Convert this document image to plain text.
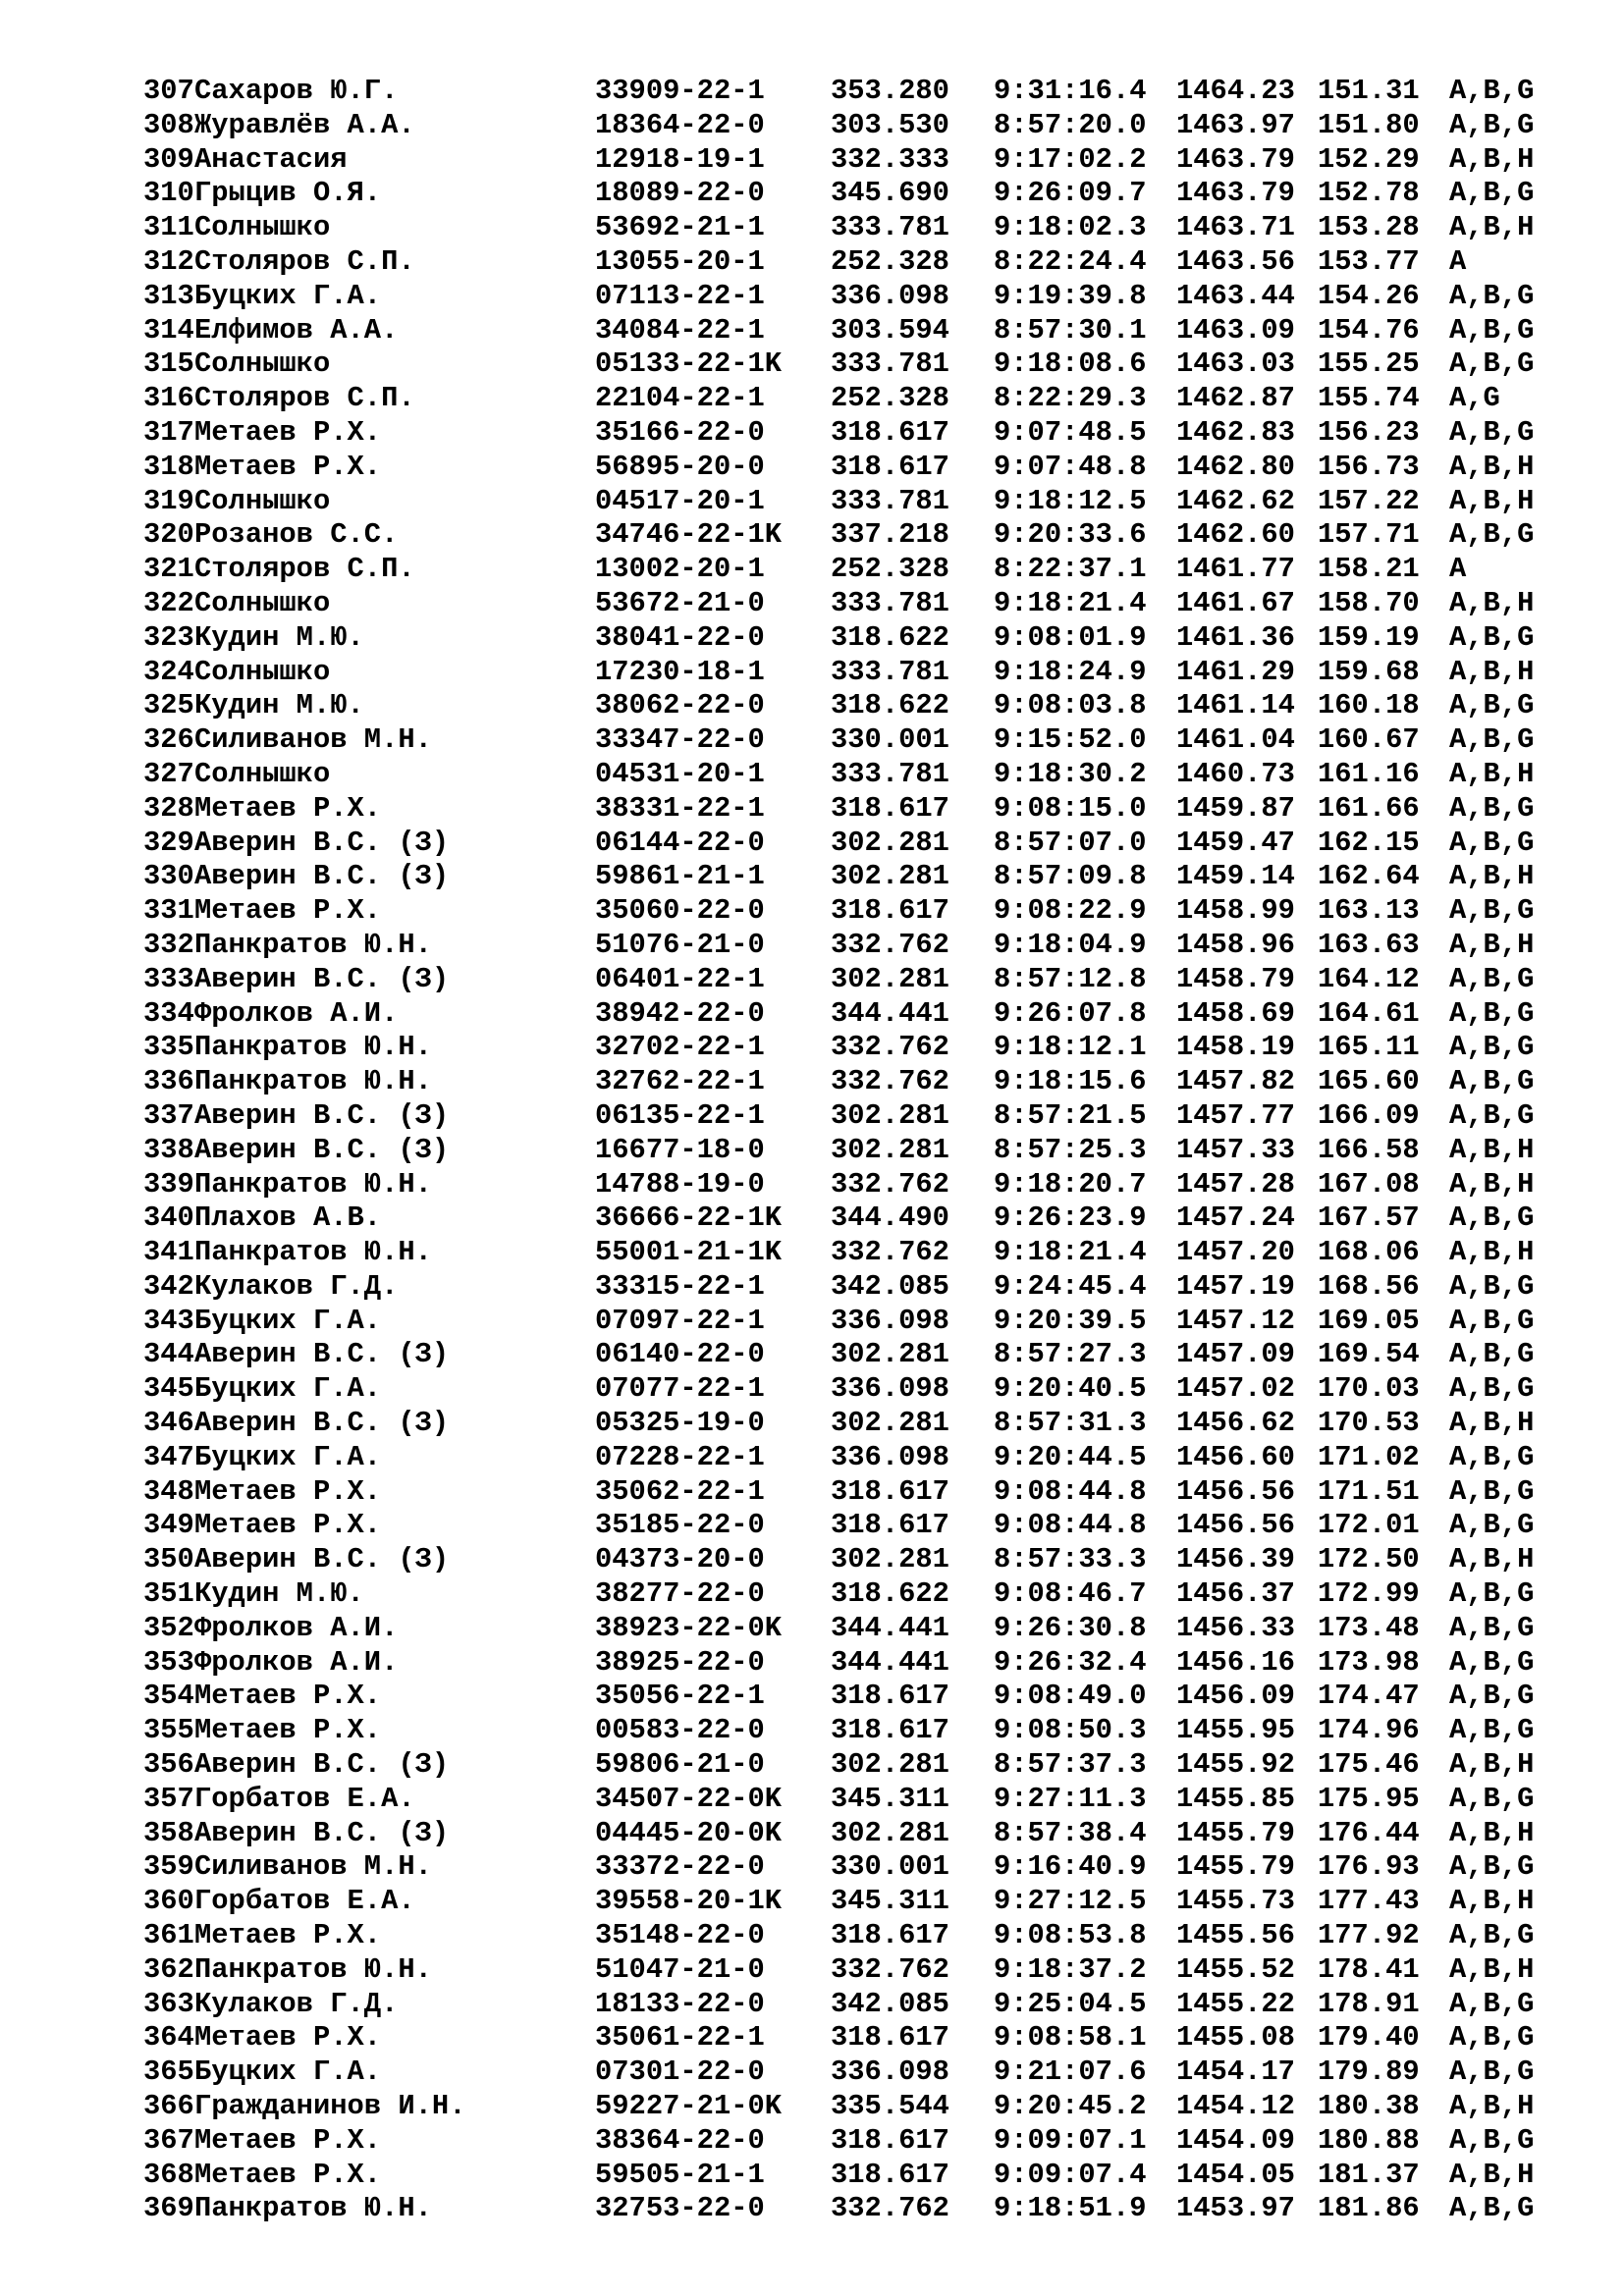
307 Сахаров Ю.Г.	33909-22-1 353.280 9:31:16.4 1464.23 151.31 A,B,G
308 Журавлёв А.А.	18364-22-0 303.530 8:57:20.0 1463.97 151.80 A,B,G
309 Анастасия	12918-19-1 332.333 9:17:02.2 1463.79 152.29 A,B,H
310 Грыцив О.Я.	18089-22-0 345.690 9:26:09.7 1463.79 152.78 A,B,G
311 Солнышко	53692-21-1 333.781 9:18:02.3 1463.71 153.28 A,B,H
312 Столяров С.П.	13055-20-1 252.328 8:22:24.4 1463.56 153.77 A
313 Буцких Г.А.	07113-22-1 336.098 9:19:39.8 1463.44 154.26 A,B,G
314 Елфимов А.А.	34084-22-1 303.594 8:57:30.1 1463.09 154.76 A,B,G
315 Солнышко	05133-22-1K 333.781 9:18:08.6 1463.03 155.25 A,B,G
316 Столяров С.П.	22104-22-1 252.328 8:22:29.3 1462.87 155.74 A,G
317 Метаев Р.Х.	35166-22-0 318.617 9:07:48.5 1462.83 156.23 A,B,G
318 Метаев Р.Х.	56895-20-0 318.617 9:07:48.8 1462.80 156.73 A,B,H
319 Солнышко	04517-20-1 333.781 9:18:12.5 1462.62 157.22 A,B,H
320 Розанов С.С.	34746-22-1K 337.218 9:20:33.6 1462.60 157.71 A,B,G
321 Столяров С.П.	13002-20-1 252.328 8:22:37.1 1461.77 158.21 A
322 Солнышко	53672-21-0 333.781 9:18:21.4 1461.67 158.70 A,B,H
323 Кудин М.Ю.	38041-22-0 318.622 9:08:01.9 1461.36 159.19 A,B,G
324 Солнышко	17230-18-1 333.781 9:18:24.9 1461.29 159.68 A,B,H
325 Кудин М.Ю.	38062-22-0 318.622 9:08:03.8 1461.14 160.18 A,B,G
326 Силиванов М.Н.	33347-22-0 330.001 9:15:52.0 1461.04 160.67 A,B,G
327 Солнышко	04531-20-1 333.781 9:18:30.2 1460.73 161.16 A,B,H
328 Метаев Р.Х.	38331-22-1 318.617 9:08:15.0 1459.87 161.66 A,B,G
329 Аверин В.С. (З)	06144-22-0 302.281 8:57:07.0 1459.47 162.15 A,B,G
330 Аверин В.С. (З)	59861-21-1 302.281 8:57:09.8 1459.14 162.64 A,B,H
331 Метаев Р.Х.	35060-22-0 318.617 9:08:22.9 1458.99 163.13 A,B,G
332 Панкратов Ю.Н.	51076-21-0 332.762 9:18:04.9 1458.96 163.63 A,B,H
333 Аверин В.С. (З)	06401-22-1 302.281 8:57:12.8 1458.79 164.12 A,B,G
334 Фролков А.И.	38942-22-0 344.441 9:26:07.8 1458.69 164.61 A,B,G
335 Панкратов Ю.Н.	32702-22-1 332.762 9:18:12.1 1458.19 165.11 A,B,G
336 Панкратов Ю.Н.	32762-22-1 332.762 9:18:15.6 1457.82 165.60 A,B,G
337 Аверин В.С. (З)	06135-22-1 302.281 8:57:21.5 1457.77 166.09 A,B,G
338 Аверин В.С. (З)	16677-18-0 302.281 8:57:25.3 1457.33 166.58 A,B,H
339 Панкратов Ю.Н.	14788-19-0 332.762 9:18:20.7 1457.28 167.08 A,B,H
340 Плахов А.В.	36666-22-1K 344.490 9:26:23.9 1457.24 167.57 A,B,G
341 Панкратов Ю.Н.	55001-21-1K 332.762 9:18:21.4 1457.20 168.06 A,B,H
342 Кулаков Г.Д.	33315-22-1 342.085 9:24:45.4 1457.19 168.56 A,B,G
343 Буцких Г.А.	07097-22-1 336.098 9:20:39.5 1457.12 169.05 A,B,G
344 Аверин В.С. (З)	06140-22-0 302.281 8:57:27.3 1457.09 169.54 A,B,G
345 Буцких Г.А.	07077-22-1 336.098 9:20:40.5 1457.02 170.03 A,B,G
346 Аверин В.С. (З)	05325-19-0 302.281 8:57:31.3 1456.62 170.53 A,B,H
347 Буцких Г.А.	07228-22-1 336.098 9:20:44.5 1456.60 171.02 A,B,G
348 Метаев Р.Х.	35062-22-1 318.617 9:08:44.8 1456.56 171.51 A,B,G
349 Метаев Р.Х.	35185-22-0 318.617 9:08:44.8 1456.56 172.01 A,B,G
350 Аверин В.С. (З)	04373-20-0 302.281 8:57:33.3 1456.39 172.50 A,B,H
351 Кудин М.Ю.	38277-22-0 318.622 9:08:46.7 1456.37 172.99 A,B,G
352 Фролков А.И.	38923-22-0K 344.441 9:26:30.8 1456.33 173.48 A,B,G
353 Фролков А.И.	38925-22-0 344.441 9:26:32.4 1456.16 173.98 A,B,G
354 Метаев Р.Х.	35056-22-1 318.617 9:08:49.0 1456.09 174.47 A,B,G
355 Метаев Р.Х.	00583-22-0 318.617 9:08:50.3 1455.95 174.96 A,B,G
356 Аверин В.С. (З)	59806-21-0 302.281 8:57:37.3 1455.92 175.46 A,B,H
357 Горбатов Е.А.	34507-22-0K 345.311 9:27:11.3 1455.85 175.95 A,B,G
358 Аверин В.С. (З)	04445-20-0K 302.281 8:57:38.4 1455.79 176.44 A,B,H
359 Силиванов М.Н.	33372-22-0 330.001 9:16:40.9 1455.79 176.93 A,B,G
360 Горбатов Е.А.	39558-20-1K 345.311 9:27:12.5 1455.73 177.43 A,B,H
361 Метаев Р.Х.	35148-22-0 318.617 9:08:53.8 1455.56 177.92 A,B,G
362 Панкратов Ю.Н.	51047-21-0 332.762 9:18:37.2 1455.52 178.41 A,B,H
363 Кулаков Г.Д.	18133-22-0 342.085 9:25:04.5 1455.22 178.91 A,B,G
364 Метаев Р.Х.	35061-22-1 318.617 9:08:58.1 1455.08 179.40 A,B,G
365 Буцких Г.А.	07301-22-0 336.098 9:21:07.6 1454.17 179.89 A,B,G
366 Гражданинов И.Н.	59227-21-0K 335.544 9:20:45.2 1454.12 180.38 A,B,H
367 Метаев Р.Х.	38364-22-0 318.617 9:09:07.1 1454.09 180.88 A,B,G
368 Метаев Р.Х.	59505-21-1 318.617 9:09:07.4 1454.05 181.37 A,B,H
369 Панкратов Ю.Н.	32753-22-0 332.762 9:18:51.9 1453.97 181.86 A,B,G
